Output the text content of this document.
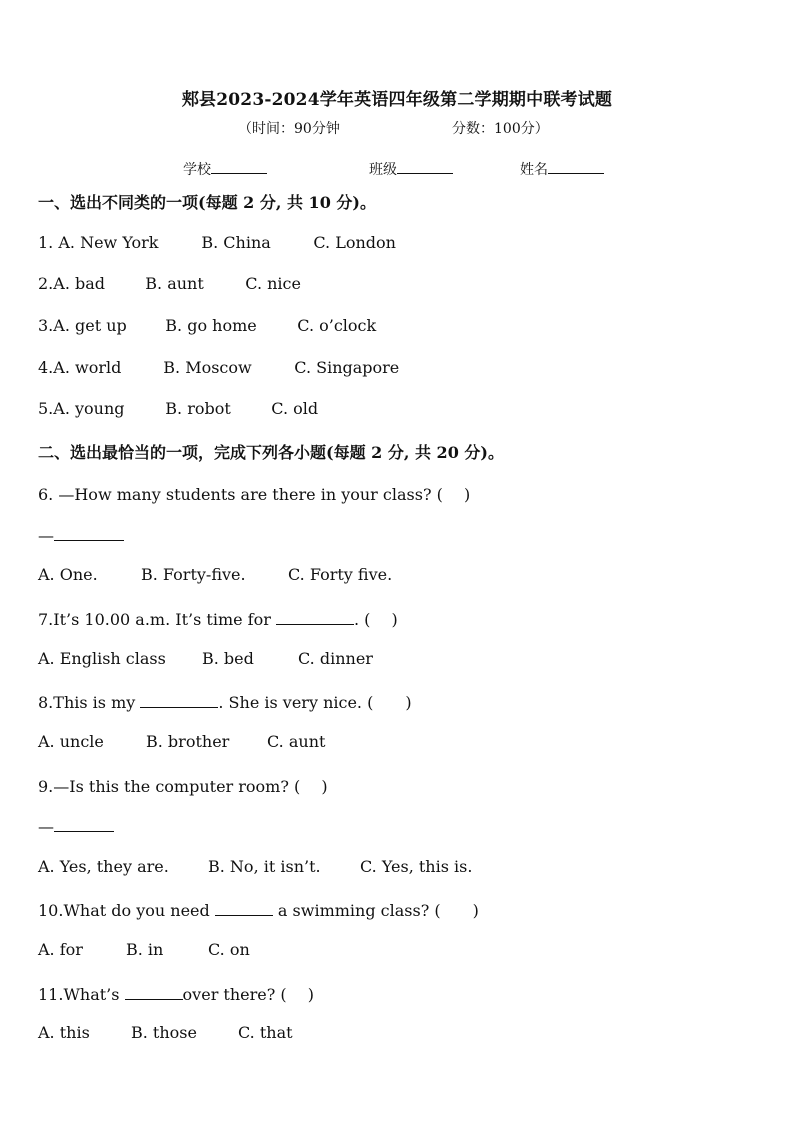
郏县2023-2024学年英语四年级第二学期期中联考试题
（时间：90分钟	分数：100分）
学校	班级	姓名
一、选出不同类的一项(每题 2 分, 共 10 分)。
1. A. New York	B. China	C. London
2.A. bad	B. aunt	C. nice
3.A. get up B. go home	C. o’clock
4.A. world	B. Moscow	C. Singapore
5.A. young	B. robot	C. old
二、选出最恰当的一项，完成下列各小题(每题 2 分, 共 20 分)。
6. —How many students are there in your class? (　 )
—
A. One.	B. Forty-five.	C. Forty five.
7.It’s 10.00 a.m. It’s time for	. (　 )
A. English class B. bed	C. dinner
8.This is my	. She is very nice. (　　)
A. uncle	B. brother C. aunt
9.—Is this the computer room? (　 )
—
A. Yes, they are. B. No, it isn’t. C. Yes, this is.
10.What do you need	a swimming class? (　　)
A. for	B. in	C. on
11.What’s	over there? (　 )
A. this	B. those	C. that
